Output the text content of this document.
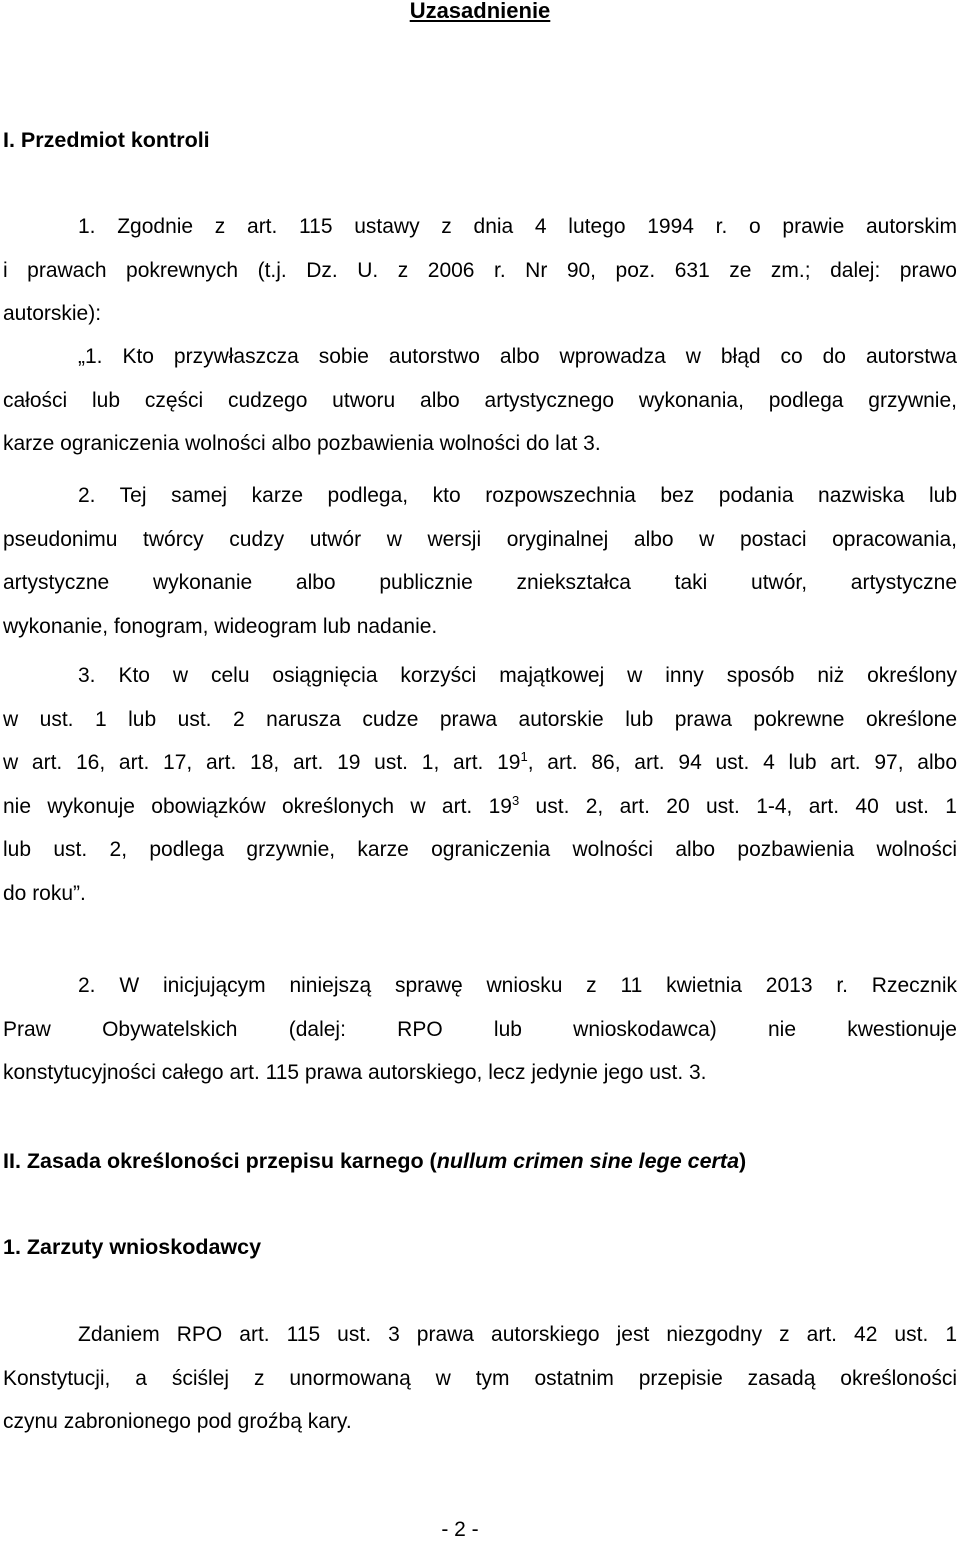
Uzasadnienie
I. Przedmiot kontroli
1. Zgodnie z art. 115 ustawy z dnia 4 lutego 1994 r. o prawie autorskim
i prawach pokrewnych (t.j. Dz. U. z 2006 r. Nr 90, poz. 631 ze zm.; dalej: prawo
autorskie):
„1. Kto przywłaszcza sobie autorstwo albo wprowadza w błąd co do autorstwa
całości lub części cudzego utworu albo artystycznego wykonania, podlega grzywnie,
karze ograniczenia wolności albo pozbawienia wolności do lat 3.
2. Tej samej karze podlega, kto rozpowszechnia bez podania nazwiska lub
pseudonimu twórcy cudzy utwór w wersji oryginalnej albo w postaci opracowania,
artystyczne wykonanie albo publicznie zniekształca taki utwór, artystyczne
wykonanie, fonogram, wideogram lub nadanie.
3. Kto w celu osiągnięcia korzyści majątkowej w inny sposób niż określony
w ust. 1 lub ust. 2 narusza cudze prawa autorskie lub prawa pokrewne określone
w art. 16, art. 17, art. 18, art. 19 ust. 1, art. $19^1$, art. 86, art. 94 ust. 4 lub art. 97, albo
nie wykonuje obowiązków określonych w art. $19^3$ ust. 2, art. 20 ust. 1-4, art. 40 ust. 1
lub ust. 2, podlega grzywnie, karze ograniczenia wolności albo pozbawienia wolności
do roku”.
2. W inicjującym niniejszą sprawę wniosku z 11 kwietnia 2013 r. Rzecznik
Praw Obywatelskich (dalej: RPO lub wnioskodawca) nie kwestionuje
konstytucyjności całego art. 115 prawa autorskiego, lecz jedynie jego ust. 3.
II. Zasada określoności przepisu karnego (nullum crimen sine lege certa)
1. Zarzuty wnioskodawcy
Zdaniem RPO art. 115 ust. 3 prawa autorskiego jest niezgodny z art. 42 ust. 1
Konstytucji, a ściślej z unormowaną w tym ostatnim przepisie zasadą określoności
czynu zabronionego pod groźbą kary.
- 2 -
